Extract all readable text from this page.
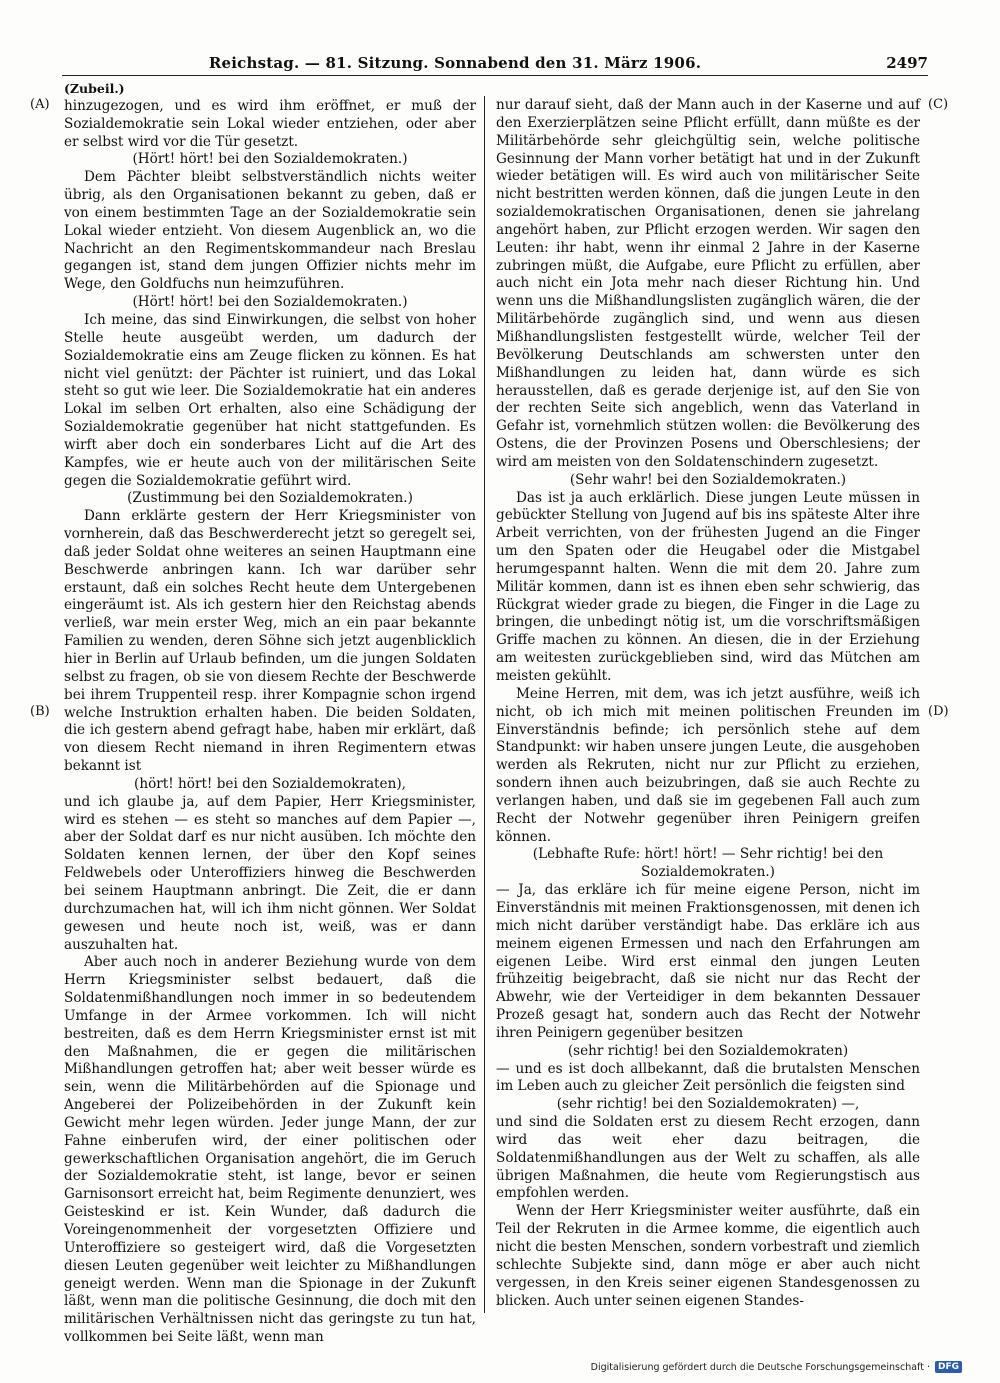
Reichstag. — 81. Sitzung. Sonnabend den 31. März 1906.	2497
(A)
(B)
(C)
(D)

(Zubeil.)

hinzugezogen, und es wird ihm eröffnet, er muß der Sozialdemokratie sein Lokal wieder entziehen, oder aber er selbst wird vor die Tür gesetzt.

(Hört! hört! bei den Sozialdemokraten.)

Dem Pächter bleibt selbstverständlich nichts weiter übrig, als den Organisationen bekannt zu geben, daß er von einem bestimmten Tage an der Sozialdemokratie sein Lokal wieder entzieht. Von diesem Augenblick an, wo die Nachricht an den Regimentskommandeur nach Breslau gegangen ist, stand dem jungen Offizier nichts mehr im Wege, den Goldfuchs nun heimzuführen.

(Hört! hört! bei den Sozialdemokraten.)

Ich meine, das sind Einwirkungen, die selbst von hoher Stelle heute ausgeübt werden, um dadurch der Sozialdemokratie eins am Zeuge flicken zu können. Es hat nicht viel genützt: der Pächter ist ruiniert, und das Lokal steht so gut wie leer. Die Sozialdemokratie hat ein anderes Lokal im selben Ort erhalten, also eine Schädigung der Sozialdemokratie gegenüber hat nicht stattgefunden. Es wirft aber doch ein sonderbares Licht auf die Art des Kampfes, wie er heute auch von der militärischen Seite gegen die Sozialdemokratie geführt wird.

(Zustimmung bei den Sozialdemokraten.)

Dann erklärte gestern der Herr Kriegsminister von vornherein, daß das Beschwerderecht jetzt so geregelt sei, daß jeder Soldat ohne weiteres an seinen Hauptmann eine Beschwerde anbringen kann. Ich war darüber sehr erstaunt, daß ein solches Recht heute dem Untergebenen eingeräumt ist. Als ich gestern hier den Reichstag abends verließ, war mein erster Weg, mich an ein paar bekannte Familien zu wenden, deren Söhne sich jetzt augenblicklich hier in Berlin auf Urlaub befinden, um die jungen Soldaten selbst zu fragen, ob sie von diesem Rechte der Beschwerde bei ihrem Truppenteil resp. ihrer Kompagnie schon irgend welche Instruktion erhalten haben. Die beiden Soldaten, die ich gestern abend gefragt habe, haben mir erklärt, daß von diesem Recht niemand in ihren Regimentern etwas bekannt ist

(hört! hört! bei den Sozialdemokraten),

und ich glaube ja, auf dem Papier, Herr Kriegsminister, wird es stehen — es steht so manches auf dem Papier —, aber der Soldat darf es nur nicht ausüben. Ich möchte den Soldaten kennen lernen, der über den Kopf seines Feldwebels oder Unteroffiziers hinweg die Beschwerden bei seinem Hauptmann anbringt. Die Zeit, die er dann durchzumachen hat, will ich ihm nicht gönnen. Wer Soldat gewesen und heute noch ist, weiß, was er dann auszuhalten hat.

Aber auch noch in anderer Beziehung wurde von dem Herrn Kriegsminister selbst bedauert, daß die Soldatenmißhandlungen noch immer in so bedeutendem Umfange in der Armee vorkommen. Ich will nicht bestreiten, daß es dem Herrn Kriegsminister ernst ist mit den Maßnahmen, die er gegen die militärischen Mißhandlungen getroffen hat; aber weit besser würde es sein, wenn die Militärbehörden auf die Spionage und Angeberei der Polizeibehörden in der Zukunft kein Gewicht mehr legen würden. Jeder junge Mann, der zur Fahne einberufen wird, der einer politischen oder gewerkschaftlichen Organisation angehört, die im Geruch der Sozialdemokratie steht, ist lange, bevor er seinen Garnisonsort erreicht hat, beim Regimente denunziert, wes Geisteskind er ist. Kein Wunder, daß dadurch die Voreingenommenheit der vorgesetzten Offiziere und Unteroffiziere so gesteigert wird, daß die Vorgesetzten diesen Leuten gegenüber weit leichter zu Mißhandlungen geneigt werden. Wenn man die Spionage in der Zukunft läßt, wenn man die politische Gesinnung, die doch mit den militärischen Verhältnissen nicht das geringste zu tun hat, vollkommen bei Seite läßt, wenn man

nur darauf sieht, daß der Mann auch in der Kaserne und auf den Exerzierplätzen seine Pflicht erfüllt, dann müßte es der Militärbehörde sehr gleichgültig sein, welche politische Gesinnung der Mann vorher betätigt hat und in der Zukunft wieder betätigen will. Es wird auch von militärischer Seite nicht bestritten werden können, daß die jungen Leute in den sozialdemokratischen Organisationen, denen sie jahrelang angehört haben, zur Pflicht erzogen werden. Wir sagen den Leuten: ihr habt, wenn ihr einmal 2 Jahre in der Kaserne zubringen müßt, die Aufgabe, eure Pflicht zu erfüllen, aber auch nicht ein Jota mehr nach dieser Richtung hin. Und wenn uns die Mißhandlungslisten zugänglich wären, die der Militärbehörde zugänglich sind, und wenn aus diesen Mißhandlungslisten festgestellt würde, welcher Teil der Bevölkerung Deutschlands am schwersten unter den Mißhandlungen zu leiden hat, dann würde es sich herausstellen, daß es gerade derjenige ist, auf den Sie von der rechten Seite sich angeblich, wenn das Vaterland in Gefahr ist, vornehmlich stützen wollen: die Bevölkerung des Ostens, die der Provinzen Posens und Oberschlesiens; der wird am meisten von den Soldatenschindern zugesetzt.

(Sehr wahr! bei den Sozialdemokraten.)

Das ist ja auch erklärlich. Diese jungen Leute müssen in gebückter Stellung von Jugend auf bis ins späteste Alter ihre Arbeit verrichten, von der frühesten Jugend an die Finger um den Spaten oder die Heugabel oder die Mistgabel herumgespannt halten. Wenn die mit dem 20. Jahre zum Militär kommen, dann ist es ihnen eben sehr schwierig, das Rückgrat wieder grade zu biegen, die Finger in die Lage zu bringen, die unbedingt nötig ist, um die vorschriftsmäßigen Griffe machen zu können. An diesen, die in der Erziehung am weitesten zurückgeblieben sind, wird das Mütchen am meisten gekühlt.

Meine Herren, mit dem, was ich jetzt ausführe, weiß ich nicht, ob ich mich mit meinen politischen Freunden im Einverständnis befinde; ich persönlich stehe auf dem Standpunkt: wir haben unsere jungen Leute, die ausgehoben werden als Rekruten, nicht nur zur Pflicht zu erziehen, sondern ihnen auch beizubringen, daß sie auch Rechte zu verlangen haben, und daß sie im gegebenen Fall auch zum Recht der Notwehr gegenüber ihren Peinigern greifen können.

(Lebhafte Rufe: hört! hört! — Sehr richtig! bei den Sozialdemokraten.)

— Ja, das erkläre ich für meine eigene Person, nicht im Einverständnis mit meinen Fraktionsgenossen, mit denen ich mich nicht darüber verständigt habe. Das erkläre ich aus meinem eigenen Ermessen und nach den Erfahrungen am eigenen Leibe. Wird erst einmal den jungen Leuten frühzeitig beigebracht, daß sie nicht nur das Recht der Abwehr, wie der Verteidiger in dem bekannten Dessauer Prozeß gesagt hat, sondern auch das Recht der Notwehr ihren Peinigern gegenüber besitzen

(sehr richtig! bei den Sozialdemokraten)

— und es ist doch allbekannt, daß die brutalsten Menschen im Leben auch zu gleicher Zeit persönlich die feigsten sind

(sehr richtig! bei den Sozialdemokraten) —,

und sind die Soldaten erst zu diesem Recht erzogen, dann wird das weit eher dazu beitragen, die Soldatenmißhandlungen aus der Welt zu schaffen, als alle übrigen Maßnahmen, die heute vom Regierungstisch aus empfohlen werden.

Wenn der Herr Kriegsminister weiter ausführte, daß ein Teil der Rekruten in die Armee komme, die eigentlich auch nicht die besten Menschen, sondern vorbestraft und ziemlich schlechte Subjekte sind, dann möge er aber auch nicht vergessen, in den Kreis seiner eigenen Standesgenossen zu blicken. Auch unter seinen eigenen Standes-

Digitalisierung gefördert durch die Deutsche Forschungsgemeinschaft · DFG
